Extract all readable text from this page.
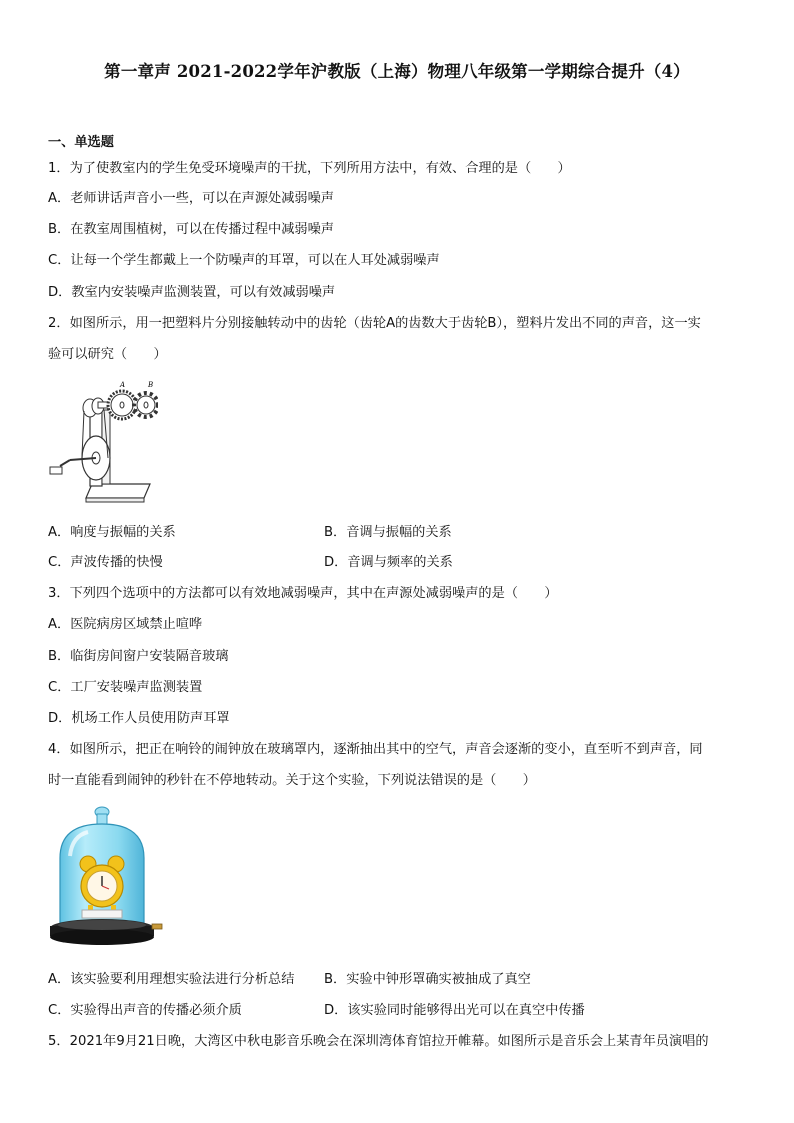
第一章声 2021-2022学年沪教版（上海）物理八年级第一学期综合提升（4）
一、单选题
1．为了使教室内的学生免受环境噪声的干扰，下列所用方法中，有效、合理的是（　　）
A．老师讲话声音小一些，可以在声源处减弱噪声
B．在教室周围植树，可以在传播过程中减弱噪声
C．让每一个学生都戴上一个防噪声的耳罩，可以在人耳处减弱噪声
D．教室内安装噪声监测装置，可以有效减弱噪声
2．如图所示，用一把塑料片分别接触转动中的齿轮（齿轮A的齿数大于齿轮B），塑料片发出不同的声音，这一实
验可以研究（　　）
A	B
A．响度与振幅的关系	B．音调与振幅的关系
C．声波传播的快慢	D．音调与频率的关系
3．下列四个选项中的方法都可以有效地减弱噪声，其中在声源处减弱噪声的是（　　）
A．医院病房区域禁止喧哗
B．临街房间窗户安装隔音玻璃
C．工厂安装噪声监测装置
D．机场工作人员使用防声耳罩
4．如图所示，把正在响铃的闹钟放在玻璃罩内，逐渐抽出其中的空气，声音会逐渐的变小，直至听不到声音，同
时一直能看到闹钟的秒针在不停地转动。关于这个实验，下列说法错误的是（　　）
A．该实验要利用理想实验法进行分析总结 B．实验中钟形罩确实被抽成了真空
C．实验得出声音的传播必须介质	D．该实验同时能够得出光可以在真空中传播
5．2021年9月21日晚，大湾区中秋电影音乐晚会在深圳湾体育馆拉开帷幕。如图所示是音乐会上某青年员演唱的
